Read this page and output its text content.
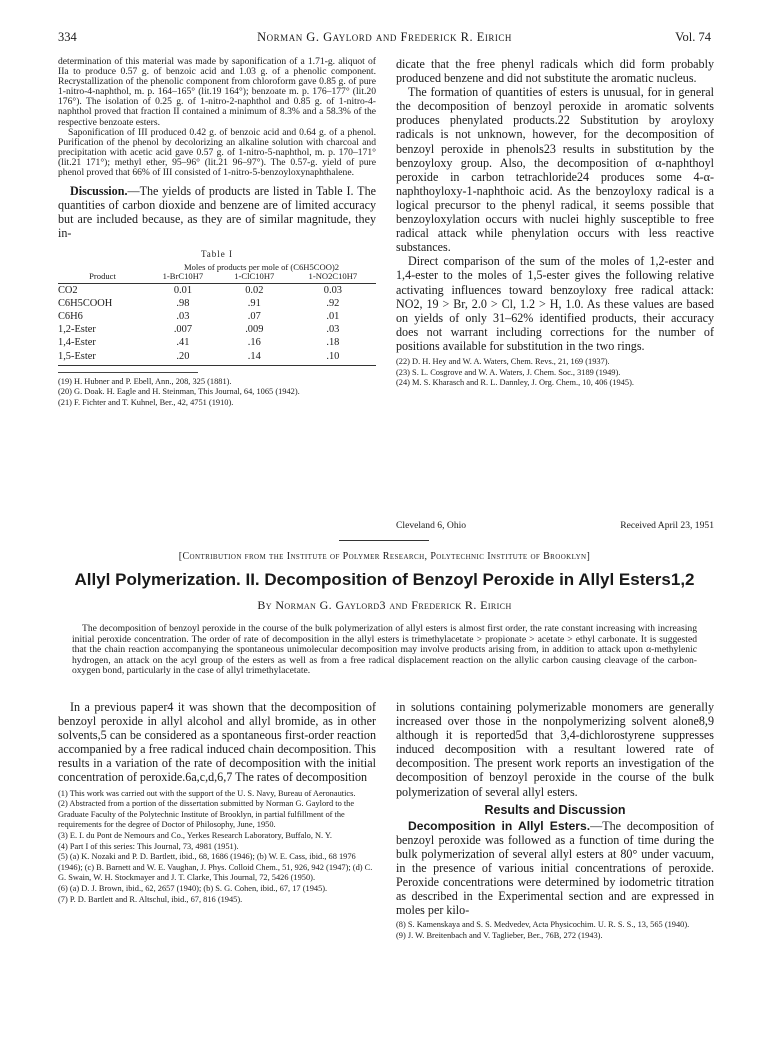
334	Norman G. Gaylord and Frederick R. Eirich	Vol. 74

determination of this material was made by saponification of a 1.71-g. aliquot of IIa to produce 0.57 g. of benzoic acid and 1.03 g. of a phenolic component. Recrystallization of the phenolic component from chloroform gave 0.85 g. of pure 1-nitro-4-naphthol, m. p. 164–165° (lit.19 164°); benzoate m. p. 176–177° (lit.20 176°). The isolation of 0.25 g. of 1-nitro-2-naphthol and 0.85 g. of 1-nitro-4-naphthol proved that fraction II contained a minimum of 8.3% and a 58.3% of the respective benzoate esters.

Saponification of III produced 0.42 g. of benzoic acid and 0.64 g. of a phenol. Purification of the phenol by decolorizing an alkaline solution with charcoal and precipitation with acetic acid gave 0.57 g. of 1-nitro-5-naphthol, m. p. 170–171° (lit.21 171°); methyl ether, 95–96° (lit.21 96–97°). The 0.57-g. yield of pure phenol proved that 66% of III consisted of 1-nitro-5-benzoyloxynaphthalene.

Discussion.—The yields of products are listed in Table I. The quantities of carbon dioxide and benzene are of limited accuracy but are included because, as they are of similar magnitude, they in-

Table I
	Moles of products per mole of (C6H5COO)2		
Product	1-BrC10H7	1-ClC10H7	1-NO2C10H7

CO2	0.01	0.02	0.03
C6H5COOH	.98	.91	.92
C6H6	.03	.07	.01
1,2-Ester	.007	.009	.03
1,4-Ester	.41	.16	.18
1,5-Ester	.20	.14	.10

(19) H. Hubner and P. Ebell, Ann., 208, 325 (1881).

(20) G. Doak. H. Eagle and H. Steinman, This Journal, 64, 1065 (1942).

(21) F. Fichter and T. Kuhnel, Ber., 42, 4751 (1910).

dicate that the free phenyl radicals which did form probably produced benzene and did not substitute the aromatic nucleus.

The formation of quantities of esters is unusual, for in general the decomposition of benzoyl peroxide in aromatic solvents produces phenylated products.22 Substitution by aroyloxy radicals is not unknown, however, for the decomposition of benzoyl peroxide in phenols23 results in substitution by the benzoyloxy group. Also, the decomposition of α-naphthoyl peroxide in carbon tetrachloride24 produces some 4-α-naphthoyloxy-1-naphthoic acid. As the benzoyloxy radical is a logical precursor to the phenyl radical, it seems possible that benzoyloxylation occurs with nuclei highly susceptible to free radical attack while phenylation occurs with less reactive substances.

Direct comparison of the sum of the moles of 1,2-ester and 1,4-ester to the moles of 1,5-ester gives the following relative activating influences toward benzoyloxy free radical attack: NO2, 19 > Br, 2.0 > Cl, 1.2 > H, 1.0. As these values are based on yields of only 31–62% identified products, their accuracy does not warrant including corrections for the number of positions available for substitution in the two rings.

(22) D. H. Hey and W. A. Waters, Chem. Revs., 21, 169 (1937).

(23) S. L. Cosgrove and W. A. Waters, J. Chem. Soc., 3189 (1949).

(24) M. S. Kharasch and R. L. Dannley, J. Org. Chem., 10, 406 (1945).

Cleveland 6, Ohio	Received April 23, 1951
[Contribution from the Institute of Polymer Research, Polytechnic Institute of Brooklyn]
Allyl Polymerization. II. Decomposition of Benzoyl Peroxide in Allyl Esters1,2
By Norman G. Gaylord3 and Frederick R. Eirich

The decomposition of benzoyl peroxide in the course of the bulk polymerization of allyl esters is almost first order, the rate constant increasing with increasing initial peroxide concentration. The order of rate of decomposition in the allyl esters is trimethylacetate > propionate > acetate > ethyl carbonate. It is suggested that the chain reaction accompanying the spontaneous unimolecular decomposition may involve products arising from, in addition to attack upon α-methylenic hydrogen, an attack on the acyl group of the esters as well as from a free radical displacement reaction on the allylic carbon causing cleavage of the carbon-oxygen bond, particularly in the case of allyl trimethylacetate.

In a previous paper4 it was shown that the decomposition of benzoyl peroxide in allyl alcohol and allyl bromide, as in other solvents,5 can be considered as a spontaneous first-order reaction accompanied by a free radical induced chain decomposition. This results in a variation of the rate of decomposition with the initial concentration of peroxide.6a,c,d,6,7 The rates of decomposition

(1) This work was carried out with the support of the U. S. Navy, Bureau of Aeronautics.

(2) Abstracted from a portion of the dissertation submitted by Norman G. Gaylord to the Graduate Faculty of the Polytechnic Institute of Brooklyn, in partial fulfillment of the requirements for the degree of Doctor of Philosophy, June, 1950.

(3) E. I. du Pont de Nemours and Co., Yerkes Research Laboratory, Buffalo, N. Y.

(4) Part I of this series: This Journal, 73, 4981 (1951).

(5) (a) K. Nozaki and P. D. Bartlett, ibid., 68, 1686 (1946); (b) W. E. Cass, ibid., 68 1976 (1946); (c) B. Barnett and W. E. Vaughan, J. Phys. Colloid Chem., 51, 926, 942 (1947); (d) C. G. Swain, W. H. Stockmayer and J. T. Clarke, This Journal, 72, 5426 (1950).

(6) (a) D. J. Brown, ibid., 62, 2657 (1940); (b) S. G. Cohen, ibid., 67, 17 (1945).

(7) P. D. Bartlett and R. Altschul, ibid., 67, 816 (1945).

in solutions containing polymerizable monomers are generally increased over those in the nonpolymerizing solvent alone8,9 although it is reported5d that 3,4-dichlorostyrene suppresses induced decomposition with a resultant lowered rate of decomposition. The present work reports an investigation of the decomposition of benzoyl peroxide in the course of the bulk polymerization of several allyl esters.

Results and Discussion

Decomposition in Allyl Esters.—The decomposition of benzoyl peroxide was followed as a function of time during the bulk polymerization of several allyl esters at 80° under vacuum, in the presence of various initial concentrations of peroxide. Peroxide concentrations were determined by iodometric titration as described in the Experimental section and are expressed in moles per kilo-

(8) S. Kamenskaya and S. S. Medvedev, Acta Physicochim. U. R. S. S., 13, 565 (1940).

(9) J. W. Breitenbach and V. Taglieber, Ber., 76B, 272 (1943).
